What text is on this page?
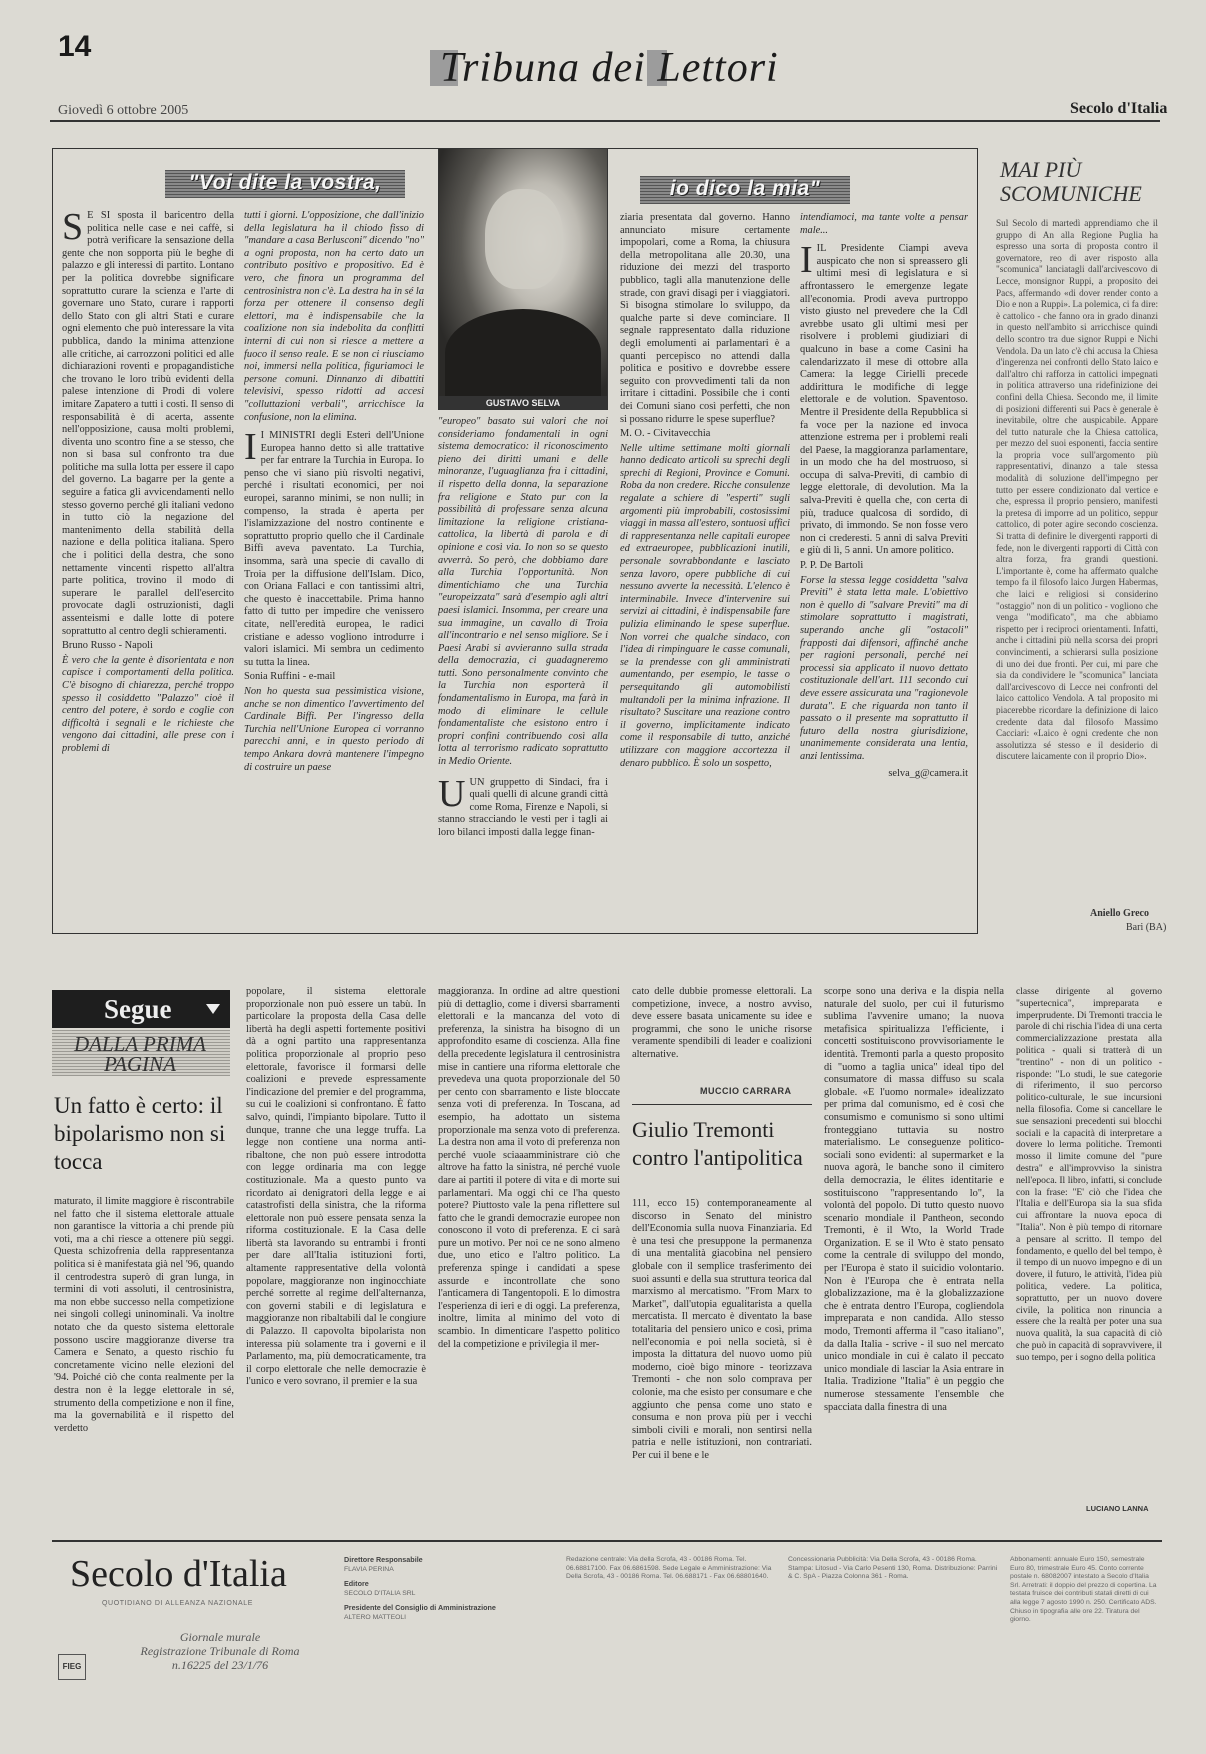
14	Tribuna dei Lettori
Giovedì 6 ottobre 2005	Secolo d'Italia
"Voi dite la vostra,	io dico la mia"
GUSTAVO SELVA

S E SI sposta il baricentro della politica nelle case e nei caffè, si potrà verificare la sensazione della gente che non sopporta più le beghe di palazzo e gli interessi di partito. Lontano per la politica dovrebbe significare soprattutto curare la scienza e l'arte di governare uno Stato, curare i rapporti dello Stato con gli altri Stati e curare ogni elemento che può interessare la vita pubblica, dando la minima attenzione alle critiche, ai carrozzoni politici ed alle dichiarazioni roventi e propagandistiche che trovano le loro tribù evidenti della palese intenzione di Prodi di volere imitare Zapatero a tutti i costi. Il senso di responsabilità è di acerta, assente nell'opposizione, causa molti problemi, diventa uno scontro fine a se stesso, che non si basa sul confronto tra due politiche ma sulla lotta per essere il capo del governo. La bagarre per la gente a seguire a fatica gli avvicendamenti nello stesso governo perché gli italiani vedono in tutto ciò la negazione del mantenimento della stabilità della nazione e della politica italiana. Spero che i politici della destra, che sono nettamente vincenti rispetto all'altra parte politica, trovino il modo di superare le parallel dell'esercito provocate dagli ostruzionisti, dagli assenteismi e dalle lotte di potere soprattutto al centro degli schieramenti.

Bruno Russo - Napoli

È vero che la gente è disorientata e non capisce i comportamenti della politica. C'è bisogno di chiarezza, perché troppo spesso il cosiddetto "Palazzo" cioè il centro del potere, è sordo e coglie con difficoltà i segnali e le richieste che vengono dai cittadini, alle prese con i problemi di

tutti i giorni. L'opposizione, che dall'inizio della legislatura ha il chiodo fisso di "mandare a casa Berlusconi" dicendo "no" a ogni proposta, non ha certo dato un contributo positivo e propositivo. Ed è vero, che finora un programma del centrosinistra non c'è. La destra ha in sé la forza per ottenere il consenso degli elettori, ma è indispensabile che la coalizione non sia indebolita da conflitti interni di cui non si riesce a mettere a fuoco il senso reale. E se non ci riusciamo noi, immersi nella politica, figuriamoci le persone comuni. Dinnanzo di dibattiti televisivi, spesso ridotti ad accesi "colluttazioni verbali", arricchisce la confusione, non la elimina.

I I MINISTRI degli Esteri dell'Unione Europea hanno detto sì alle trattative per far entrare la Turchia in Europa. Io penso che vi siano più risvolti negativi, perché i risultati economici, per noi europei, saranno minimi, se non nulli; in compenso, la strada è aperta per l'islamizzazione del nostro continente e soprattutto proprio quello che il Cardinale Biffi aveva paventato. La Turchia, insomma, sarà una specie di cavallo di Troia per la diffusione dell'Islam. Dico, con Oriana Fallaci e con tantissimi altri, che questo è inaccettabile. Prima hanno fatto di tutto per impedire che venissero citate, nell'eredità europea, le radici cristiane e adesso vogliono introdurre i valori islamici. Mi sembra un cedimento su tutta la linea.

Sonia Ruffini - e-mail

Non ho questa sua pessimistica visione, anche se non dimentico l'avvertimento del Cardinale Biffi. Per l'ingresso della Turchia nell'Unione Europea ci vorranno parecchi anni, e in questo periodo di tempo Ankara dovrà mantenere l'impegno di costruire un paese

"europeo" basato sui valori che noi consideriamo fondamentali in ogni sistema democratico: il riconoscimento pieno dei diritti umani e delle minoranze, l'uguaglianza fra i cittadini, il rispetto della donna, la separazione fra religione e Stato pur con la possibilità di professare senza alcuna limitazione la religione cristiana-cattolica, la libertà di parola e di opinione e così via. Io non so se questo avverrà. So però, che dobbiamo dare alla Turchia l'opportunità. Non dimentichiamo che una Turchia "europeizzata" sarà d'esempio agli altri paesi islamici. Insomma, per creare una sua immagine, un cavallo di Troia all'incontrario e nel senso migliore. Se i Paesi Arabi si avvieranno sulla strada della democrazia, ci guadagneremo tutti. Sono personalmente convinto che la Turchia non esporterà il fondamentalismo in Europa, ma farà in modo di eliminare le cellule fondamentaliste che esistono entro i propri confini contribuendo così alla lotta al terrorismo radicato soprattutto in Medio Oriente.

UUN gruppetto di Sindaci, fra i quali quelli di alcune grandi città come Roma, Firenze e Napoli, si stanno stracciando le vesti per i tagli ai loro bilanci imposti dalla legge finan-

ziaria presentata dal governo. Hanno annunciato misure certamente impopolari, come a Roma, la chiusura della metropolitana alle 20.30, una riduzione dei mezzi del trasporto pubblico, tagli alla manutenzione delle strade, con gravi disagi per i viaggiatori. Sì bisogna stimolare lo sviluppo, da qualche parte si deve cominciare. Il segnale rappresentato dalla riduzione degli emolumenti ai parlamentari è a quanti percepisco no attendi dalla politica e positivo e dovrebbe essere seguito con provvedimenti tali da non irritare i cittadini. Possibile che i conti dei Comuni siano così perfetti, che non si possano ridurre le spese superflue?

M. O. - Civitavecchia

Nelle ultime settimane molti giornali hanno dedicato articoli su sprechi degli sprechi di Regioni, Province e Comuni. Roba da non credere. Ricche consulenze regalate a schiere di "esperti" sugli argomenti più improbabili, costosissimi viaggi in massa all'estero, sontuosi uffici di rappresentanza nelle capitali europee ed extraeuropee, pubblicazioni inutili, personale sovrabbondante e lasciato senza lavoro, opere pubbliche di cui nessuno avverte la necessità. L'elenco è interminabile. Invece d'intervenire sui servizi ai cittadini, è indispensabile fare pulizia eliminando le spese superflue. Non vorrei che qualche sindaco, con l'idea di rimpinguare le casse comunali, se la prendesse con gli amministrati aumentando, per esempio, le tasse o persequitando gli automobilisti multandoli per la minima infrazione. Il risultato? Suscitare una reazione contro il governo, implicitamente indicato come il responsabile di tutto, anziché utilizzare con maggiore accortezza il denaro pubblico. È solo un sospetto,

intendiamoci, ma tante volte a pensar male...

IIL Presidente Ciampi aveva auspicato che non si spreassero gli ultimi mesi di legislatura e si affrontassero le emergenze legate all'economia. Prodi aveva purtroppo visto giusto nel prevedere che la Cdl avrebbe usato gli ultimi mesi per risolvere i problemi giudiziari di qualcuno in base a come Casini ha calendarizzato il mese di ottobre alla Camera: la legge Cirielli precede addirittura le modifiche di legge elettorale e de volution. Spaventoso. Mentre il Presidente della Repubblica si fa voce per la nazione ed invoca attenzione estrema per i problemi reali del Paese, la maggioranza parlamentare, in un modo che ha del mostruoso, si occupa di salva-Previti, di cambio di legge elettorale, di devolution. Ma la salva-Previti è quella che, con certa di più, traduce qualcosa di sordido, di privato, di immondo. Se non fosse vero non ci crederesti. 5 anni di salva Previti e giù di lì, 5 anni. Un amore politico.

P. P. De Bartoli

Forse la stessa legge cosiddetta "salva Previti" è stata letta male. L'obiettivo non è quello di "salvare Previti" ma di stimolare soprattutto i magistrati, superando anche gli "ostacoli" frapposti dai difensori, affinché anche per ragioni personali, perché nei processi sia applicato il nuovo dettato costituzionale dell'art. 111 secondo cui deve essere assicurata una "ragionevole durata". E che riguarda non tanto il passato o il presente ma soprattutto il futuro della nostra giurisdizione, unanimemente considerata una lentia, anzi lentissima.

selva_g@camera.it

MAI PIÙ SCOMUNICHE

Sul Secolo di martedì apprendiamo che il gruppo di An alla Regione Puglia ha espresso una sorta di proposta contro il governatore, reo di aver risposto alla "scomunica" lanciatagli dall'arcivescovo di Lecce, monsignor Ruppi, a proposito dei Pacs, affermando «di dover render conto a Dio e non a Ruppi». La polemica, ci fa dire: è cattolico - che fanno ora in grado dinanzi in questo nell'ambito si arricchisce quindi dello scontro tra due signor Ruppi e Nichi Vendola. Da un lato c'è chi accusa la Chiesa d'ingerenza nei confronti dello Stato laico e dall'altro chi rafforza in cattolici impegnati in politica attraverso una ridefinizione dei confini della Chiesa. Secondo me, il limite di posizioni differenti sui Pacs è generale è inevitabile, oltre che auspicabile. Appare del tutto naturale che la Chiesa cattolica, per mezzo del suoi esponenti, faccia sentire la propria voce sull'argomento più rappresentativi, dinanzo a tale stessa modalità di soluzione dell'impegno per tutto per essere condizionato dal vertice e che, espressa il proprio pensiero, manifesti la pretesa di imporre ad un politico, seppur cattolico, di poter agire secondo coscienza. Si tratta di definire le divergenti rapporti di fede, non le divergenti rapporti di Città con altra forza, fra grandi questioni. L'importante è, come ha affermato qualche tempo fa il filosofo laico Jurgen Habermas, che laici e religiosi si considerino "ostaggio" non di un politico - vogliono che venga "modificato", ma che abbiamo rispetto per i reciproci orientamenti. Infatti, anche i cittadini più nella scorsa dei propri convincimenti, a schierarsi sulla posizione di uno dei due fronti. Per cui, mi pare che sia da condividere le "scomunica" lanciata dall'arcivescovo di Lecce nei confronti del laico cattolico Vendola. A tal proposito mi piacerebbe ricordare la definizione di laico credente data dal filosofo Massimo Cacciari: «Laico è ogni credente che non assolutizza sé stesso e il desiderio di discutere laicamente con il proprio Dio».

Aniello Greco
Bari (BA)
Segue
DALLA PRIMA PAGINA
Un fatto è certo: il bipolarismo non si tocca

maturato, il limite maggiore è riscontrabile nel fatto che il sistema elettorale attuale non garantisce la vittoria a chi prende più voti, ma a chi riesce a ottenere più seggi. Questa schizofrenia della rappresentanza politica si è manifestata già nel '96, quando il centrodestra superò di gran lunga, in termini di voti assoluti, il centrosinistra, ma non ebbe successo nella competizione nei singoli collegi uninominali. Va inoltre notato che da questo sistema elettorale possono uscire maggioranze diverse tra Camera e Senato, a questo rischio fu concretamente vicino nelle elezioni del '94. Poiché ciò che conta realmente per la destra non è la legge elettorale in sé, strumento della competizione e non il fine, ma la governabilità e il rispetto del verdetto

popolare, il sistema elettorale proporzionale non può essere un tabù. In particolare la proposta della Casa delle libertà ha degli aspetti fortemente positivi dà a ogni partito una rappresentanza politica proporzionale al proprio peso elettorale, favorisce il formarsi delle coalizioni e prevede espressamente l'indicazione del premier e del programma, su cui le coalizioni si confrontano. È fatto salvo, quindi, l'impianto bipolare. Tutto il dunque, tranne che una legge truffa. La legge non contiene una norma anti-ribaltone, che non può essere introdotta con legge ordinaria ma con legge costituzionale. Ma a questo punto va ricordato ai denigratori della legge e ai catastrofisti della sinistra, che la riforma elettorale non può essere pensata senza la riforma costituzionale. E la Casa delle libertà sta lavorando su entrambi i fronti per dare all'Italia istituzioni forti, altamente rappresentative della volontà popolare, maggioranze non inginocchiate perché sorrette al regime dell'alternanza, con governi stabili e di legislatura e maggioranze non ribaltabili dal le congiure di Palazzo. Il capovolta bipolarista non interessa più solamente tra i governi e il Parlamento, ma, più democraticamente, tra il corpo elettorale che nelle democrazie è l'unico e vero sovrano, il premier e la sua

maggioranza. In ordine ad altre questioni più di dettaglio, come i diversi sbarramenti elettorali e la mancanza del voto di preferenza, la sinistra ha bisogno di un approfondito esame di coscienza. Alla fine della precedente legislatura il centrosinistra mise in cantiere una riforma elettorale che prevedeva una quota proporzionale del 50 per cento con sbarramento e liste bloccate senza voti di preferenza. In Toscana, ad esempio, ha adottato un sistema proporzionale ma senza voto di preferenza. La destra non ama il voto di preferenza non perché vuole sciaaamministrare ciò che altrove ha fatto la sinistra, né perché vuole dare ai partiti il potere di vita e di morte sui parlamentari. Ma oggi chi ce l'ha questo potere? Piuttosto vale la pena riflettere sul fatto che le grandi democrazie europee non conoscono il voto di preferenza. E ci sarà pure un motivo. Per noi ce ne sono almeno due, uno etico e l'altro politico. La preferenza spinge i candidati a spese assurde e incontrollate che sono l'anticamera di Tangentopoli. E lo dimostra l'esperienza di ieri e di oggi. La preferenza, inoltre, limita al minimo del voto di scambio. In dimenticare l'aspetto politico del la competizione e privilegia il mer-

cato delle dubbie promesse elettorali. La competizione, invece, a nostro avviso, deve essere basata unicamente su idee e programmi, che sono le uniche risorse veramente spendibili di leader e coalizioni alternative.

MUCCIO CARRARA
Giulio Tremonti contro l'antipolitica

111, ecco 15) contemporaneamente al discorso in Senato del ministro dell'Economia sulla nuova Finanziaria. Ed è una tesi che presuppone la permanenza di una mentalità giacobina nel pensiero globale con il semplice trasferimento dei suoi assunti e della sua struttura teorica dal marxismo al mercatismo. "From Marx to Market", dall'utopia egualitarista a quella mercatista. Il mercato è diventato la base totalitaria del pensiero unico e così, prima nell'economia e poi nella società, si è imposta la dittatura del nuovo uomo più moderno, cioè bigo minore - teorizzava Tremonti - che non solo comprava per colonie, ma che esisto per consumare e che aggiunto che pensa come uno stato e consuma e non prova più per i vecchi simboli civili e morali, non sentirsi nella patria e nelle istituzioni, non contrariati. Per cui il bene e le

scorpe sono una deriva e la dispia nella naturale del suolo, per cui il futurismo sublima l'avvenire umano; la nuova metafisica spiritualizza l'efficiente, i concetti sostituiscono provvisoriamente le identità. Tremonti parla a questo proposito di "uomo a taglia unica" ideal tipo del consumatore di massa diffuso su scala globale. «E l'uomo normale» idealizzato per prima dal comunismo, ed è così che consumismo e comunismo si sono ultimi fronteggiano tuttavia su nostro materialismo. Le conseguenze politico-sociali sono evidenti: al supermarket e la nuova agorà, le banche sono il cimitero della democrazia, le élites identitarie e sostituiscono "rappresentando lo", la volontà del popolo. Di tutto questo nuovo scenario mondiale il Pantheon, secondo Tremonti, è il Wto, la World Trade Organization. E se il Wto è stato pensato come la centrale di sviluppo del mondo, per l'Europa è stato il suicidio volontario. Non è l'Europa che è entrata nella globalizzazione, ma è la globalizzazione che è entrata dentro l'Europa, cogliendola impreparata e non candida. Allo stesso modo, Tremonti afferma il "caso italiano", da dalla Italia - scrive - il suo nel mercato unico mondiale in cui è calato il peccato unico mondiale di lasciar la Asia entrare in Italia. Tradizione "Italia" è un peggio che numerose stessamente l'ensemble che spacciata dalla finestra di una

classe dirigente al governo "supertecnica", impreparata e imperprudente. Di Tremonti traccia le parole di chi rischia l'idea di una certa commercializzazione prestata alla politica - quali si tratterà di un "trentino" - non di un politico - risponde: "Lo studi, le sue categorie di riferimento, il suo percorso politico-culturale, le sue incursioni nella filosofia. Come si cancellare le sue sensazioni precedenti sui blocchi sociali e la capacità di interpretare a dovere lo lerma politiche. Tremonti mosso il limite comune del "pure destra" e all'improvviso la sinistra nell'epoca. Il libro, infatti, si conclude con la frase: "E' ciò che l'idea che l'Italia e dell'Europa sia la sua sfida cui affrontare la nuova epoca di "Italia". Non è più tempo di ritornare a pensare al scritto. Il tempo del fondamento, e quello del bel tempo, è il tempo di un nuovo impegno e di un dovere, il futuro, le attività, l'idea più politica, vedere. La politica, soprattutto, per un nuovo dovere civile, la politica non rinuncia a essere che la realtà per poter una sua nuova qualità, la sua capacità di ciò che può in capacità di sopravvivere, il suo tempo, per i sogno della politica

LUCIANO LANNA
Secolo d'Italia
QUOTIDIANO DI ALLEANZA NAZIONALE
FIEG
Giornale murale
Registrazione Tribunale di Roma n.16225 del 23/1/76
Direttore Responsabile
FLAVIA PERINA
Editore
SECOLO D'ITALIA SRL
Presidente del Consiglio di Amministrazione
ALTERO MATTEOLI
Redazione centrale: Via della Scrofa, 43 - 00186 Roma. Tel. 06.68817100. Fax 06.6861598. Sede Legale e Amministrazione: Via Della Scrofa, 43 - 00186 Roma. Tel. 06.688171 - Fax 06.68801640.
Concessionaria Pubblicità: Via Della Scrofa, 43 - 00186 Roma. Stampa: Litosud - Via Carlo Pesenti 130, Roma. Distribuzione: Parrini & C. SpA - Piazza Colonna 361 - Roma.
Abbonamenti: annuale Euro 150, semestrale Euro 80, trimestrale Euro 45. Conto corrente postale n. 68082007 intestato a Secolo d'Italia Srl. Arretrati: il doppio del prezzo di copertina. La testata fruisce dei contributi statali diretti di cui alla legge 7 agosto 1990 n. 250. Certificato ADS. Chiuso in tipografia alle ore 22. Tiratura del giorno.
